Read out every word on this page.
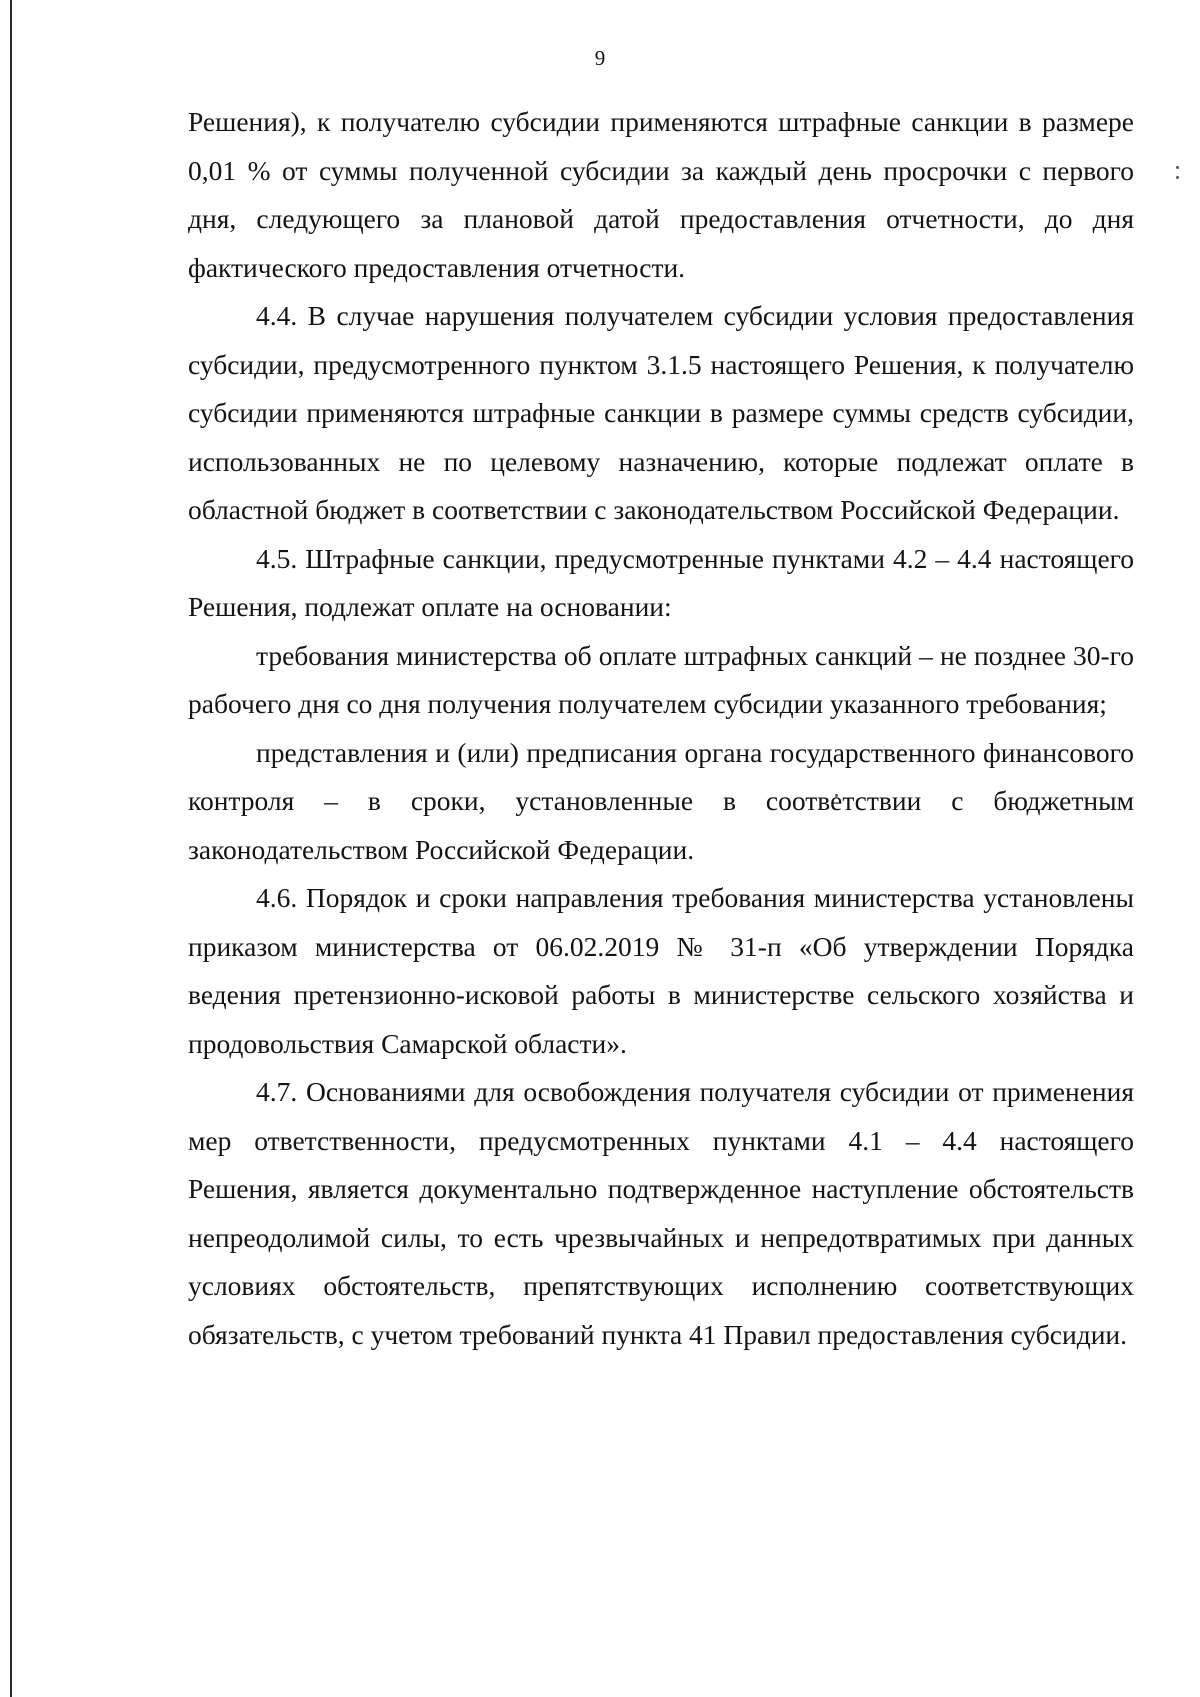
9

Решения), к получателю субсидии применяются штрафные санкции в размере 0,01 % от суммы полученной субсидии за каждый день просрочки с первого дня, следующего за плановой датой предоставления отчетности, до дня фактического предоставления отчетности.

4.4. В случае нарушения получателем субсидии условия предоставления субсидии, предусмотренного пунктом 3.1.5 настоящего Решения, к получателю субсидии применяются штрафные санкции в размере суммы средств субсидии, использованных не по целевому назначению, которые подлежат оплате в областной бюджет в соответствии с законодательством Российской Федерации.

4.5. Штрафные санкции, предусмотренные пунктами 4.2 – 4.4 настоящего Решения, подлежат оплате на основании:

требования министерства об оплате штрафных санкций – не позднее 30-го рабочего дня со дня получения получателем субсидии указанного требования;

представления и (или) предписания органа государственного финансового контроля – в сроки, установленные в соответствии с бюджетным законодательством Российской Федерации.

4.6. Порядок и сроки направления требования министерства установлены приказом министерства от 06.02.2019 № 31-п «Об утверждении Порядка ведения претензионно-исковой работы в министерстве сельского хозяйства и продовольствия Самарской области».

4.7. Основаниями для освобождения получателя субсидии от применения мер ответственности, предусмотренных пунктами 4.1 – 4.4 настоящего Решения, является документально подтвержденное наступление обстоятельств непреодолимой силы, то есть чрезвычайных и непредотвратимых при данных условиях обстоятельств, препятствующих исполнению соответствующих обязательств, с учетом требований пункта 41 Правил предоставления субсидии.
